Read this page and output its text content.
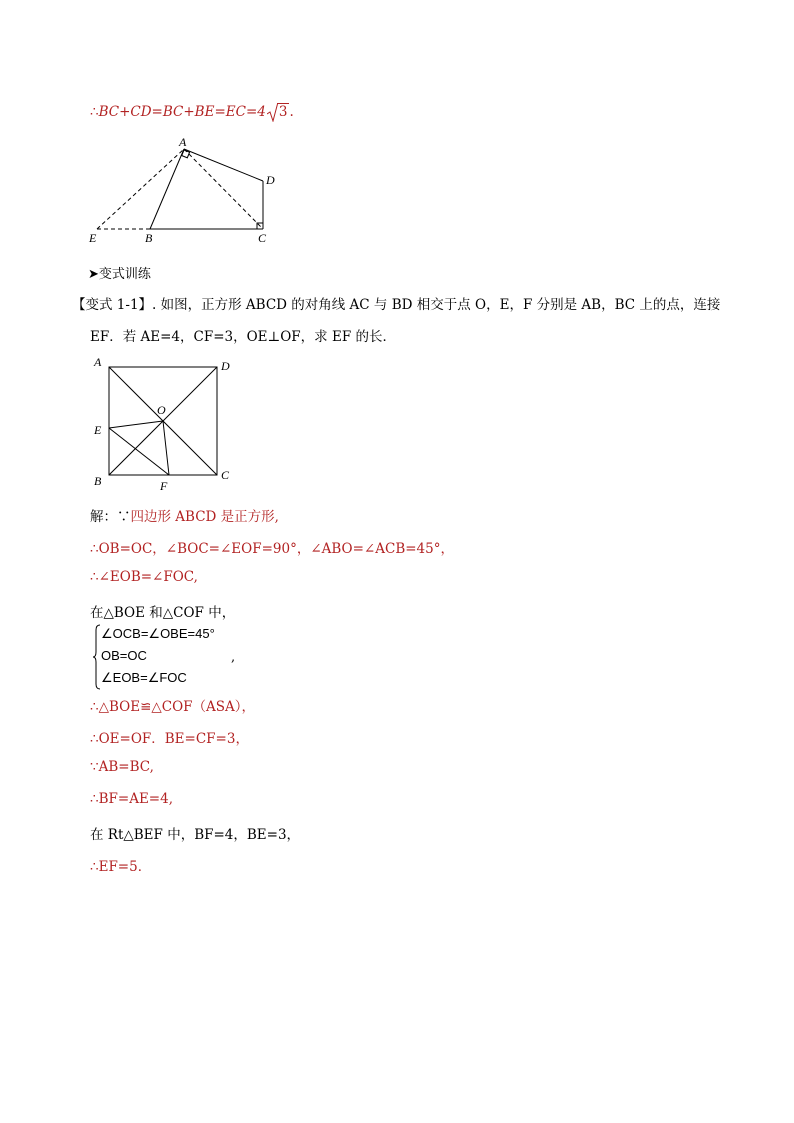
∴BC+CD=BC+BE=EC=4 3 .
A
D
E	B	C
➤变式训练
【变式 1-1】. 如图，正方形 ABCD 的对角线 AC 与 BD 相交于点 O，E，F 分别是 AB，BC 上的点，连接
EF．若 AE=4，CF=3，OE⊥OF，求 EF 的长．
A	D
O
E
B	F
C
解：∵四边形 ABCD 是正方形,
∴OB=OC，∠BOC=∠EOF=90°，∠ABO=∠ACB=45°，
∴∠EOB=∠FOC,
在△BOE 和△COF 中，
∠OCB=∠OBE=45°
OB=OC
∠EOB=∠FOC
,
∴△BOE≌△COF（ASA），
∴OE=OF．BE=CF=3，
∵AB=BC,
∴BF=AE=4,
在 Rt△BEF 中，BF=4，BE=3，
∴EF=5．
